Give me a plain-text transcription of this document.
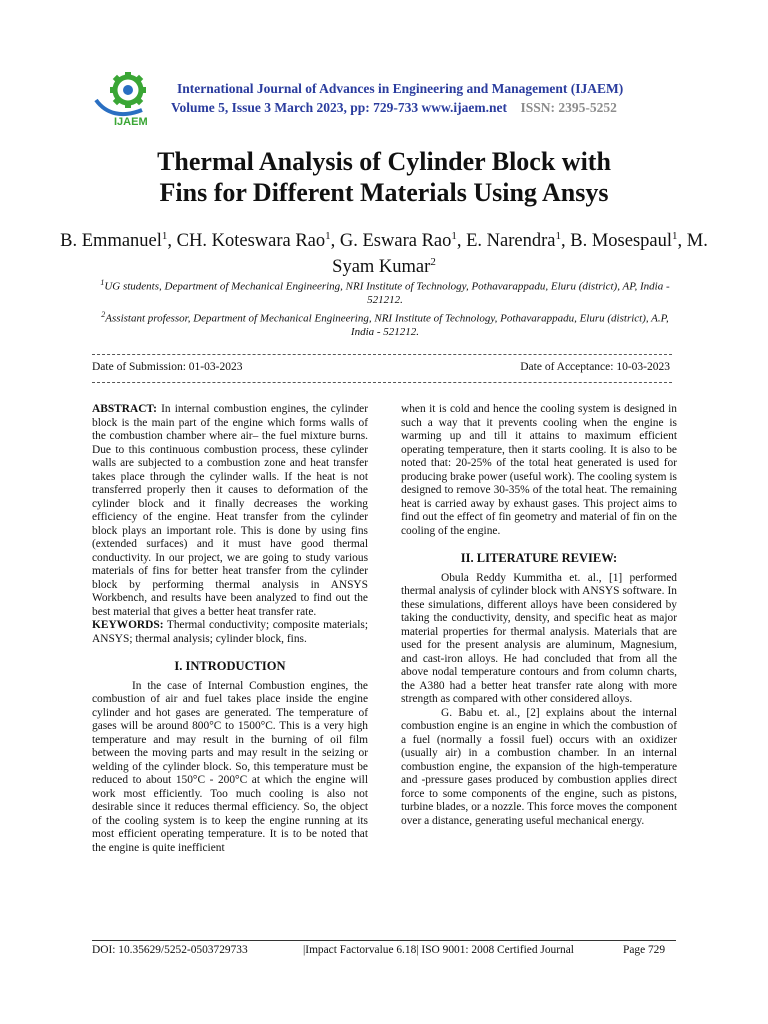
IJAEM
International Journal of Advances in Engineering and Management (IJAEM)
Volume 5, Issue 3 March 2023, pp: 729-733 www.ijaem.net ISSN: 2395-5252
Thermal Analysis of Cylinder Block with
Fins for Different Materials Using Ansys
B. Emmanuel$^1$, CH. Koteswara Rao$^1$, G. Eswara Rao$^1$, E. Narendra$^1$, B. Mosespaul$^1$, M. Syam Kumar$^2$
$^1$UG students, Department of Mechanical Engineering, NRI Institute of Technology, Pothavarappadu, Eluru (district), AP, India - 521212.
$^2$Assistant professor, Department of Mechanical Engineering, NRI Institute of Technology, Pothavarappadu, Eluru (district), A.P, India - 521212.
Date of Submission: 01-03-2023	Date of Acceptance: 10-03-2023

ABSTRACT: In internal combustion engines, the cylinder block is the main part of the engine which forms walls of the combustion chamber where air– the fuel mixture burns. Due to this continuous combustion process, these cylinder walls are subjected to a combustion zone and heat transfer takes place through the cylinder walls. If the heat is not transferred properly then it causes to deformation of the cylinder block and it finally decreases the working efficiency of the engine. Heat transfer from the cylinder block plays an important role. This is done by using fins (extended surfaces) and it must have good thermal conductivity. In our project, we are going to study various materials of fins for better heat transfer from the cylinder block by performing thermal analysis in ANSYS Workbench, and results have been analyzed to find out the best material that gives a better heat transfer rate.

KEYWORDS: Thermal conductivity; composite materials; ANSYS; thermal analysis; cylinder block, fins.

I. INTRODUCTION

In the case of Internal Combustion engines, the combustion of air and fuel takes place inside the engine cylinder and hot gases are generated. The temperature of gases will be around 800°C to 1500°C. This is a very high temperature and may result in the burning of oil film between the moving parts and may result in the seizing or welding of the cylinder block. So, this temperature must be reduced to about 150°C - 200°C at which the engine will work most efficiently. Too much cooling is also not desirable since it reduces thermal efficiency. So, the object of the cooling system is to keep the engine running at its most efficient operating temperature. It is to be noted that the engine is quite inefficient

when it is cold and hence the cooling system is designed in such a way that it prevents cooling when the engine is warming up and till it attains to maximum efficient operating temperature, then it starts cooling. It is also to be noted that: 20-25% of the total heat generated is used for producing brake power (useful work). The cooling system is designed to remove 30-35% of the total heat. The remaining heat is carried away by exhaust gases. This project aims to find out the effect of fin geometry and material of fin on the cooling of the engine.

II. LITERATURE REVIEW:

Obula Reddy Kummitha et. al., [1] performed thermal analysis of cylinder block with ANSYS software. In these simulations, different alloys have been considered by taking the conductivity, density, and specific heat as major material properties for thermal analysis. Materials that are used for the present analysis are aluminum, Magnesium, and cast-iron alloys. He had concluded that from all the above nodal temperature contours and from column charts, the A380 had a better heat transfer rate along with more strength as compared with other considered alloys.

G. Babu et. al., [2] explains about the internal combustion engine is an engine in which the combustion of a fuel (normally a fossil fuel) occurs with an oxidizer (usually air) in a combustion chamber. In an internal combustion engine, the expansion of the high-temperature and -pressure gases produced by combustion applies direct force to some components of the engine, such as pistons, turbine blades, or a nozzle. This force moves the component over a distance, generating useful mechanical energy.

DOI: 10.35629/5252-0503729733	|Impact Factorvalue 6.18| ISO 9001: 2008 Certified Journal	Page 729
